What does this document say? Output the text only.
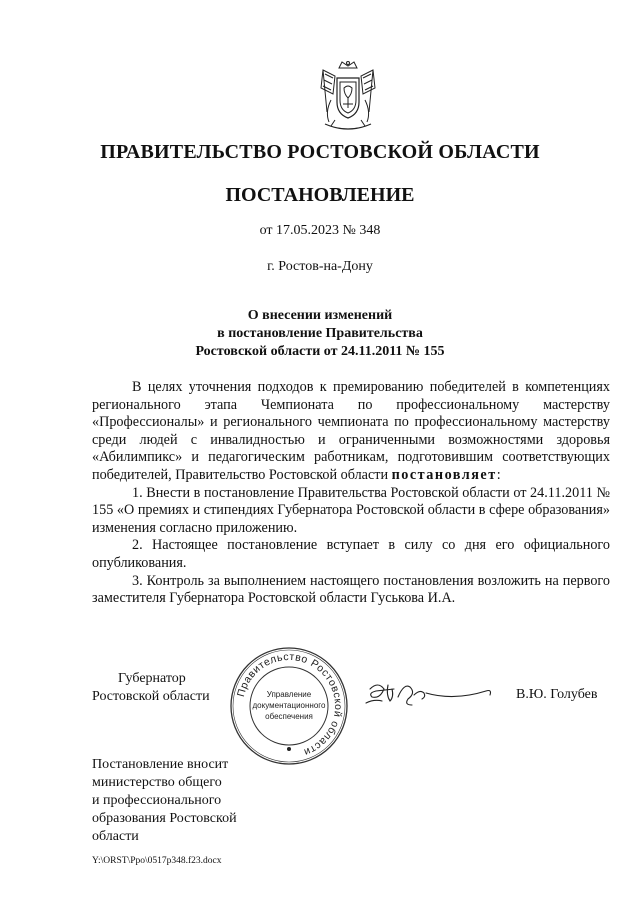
ПРАВИТЕЛЬСТВО РОСТОВСКОЙ ОБЛАСТИ
ПОСТАНОВЛЕНИЕ
от 17.05.2023 № 348
г. Ростов-на-Дону
О внесении изменений
в постановление Правительства
Ростовской области от 24.11.2011 № 155

В целях уточнения подходов к премированию победителей в компетенциях регионального этапа Чемпионата по профессиональному мастерству «Профессионалы» и регионального чемпионата по профессиональному мастерству среди людей с инвалидностью и ограниченными возможностями здоровья «Абилимпикс» и педагогическим работникам, подготовившим соответствующих победителей, Правительство Ростовской области постановляет:

1. Внести в постановление Правительства Ростовской области от 24.11.2011 № 155 «О премиях и стипендиях Губернатора Ростовской области в сфере образования» изменения согласно приложению.

2. Настоящее постановлeние вступает в силу со дня его официального опубликования.

3. Контроль за выполнением настоящего постановления возложить на первого заместителя Губернатора Ростовской области Гуськова И.А.

Губернатор
Ростовской области Правительство Ростовской области
Управление
документационного
обеспечения
В.Ю. Голубев
Постановление вносит
министерство общего
и профессионального
образования Ростовской
области
Y:\ORST\Ppo\0517p348.f23.docx
